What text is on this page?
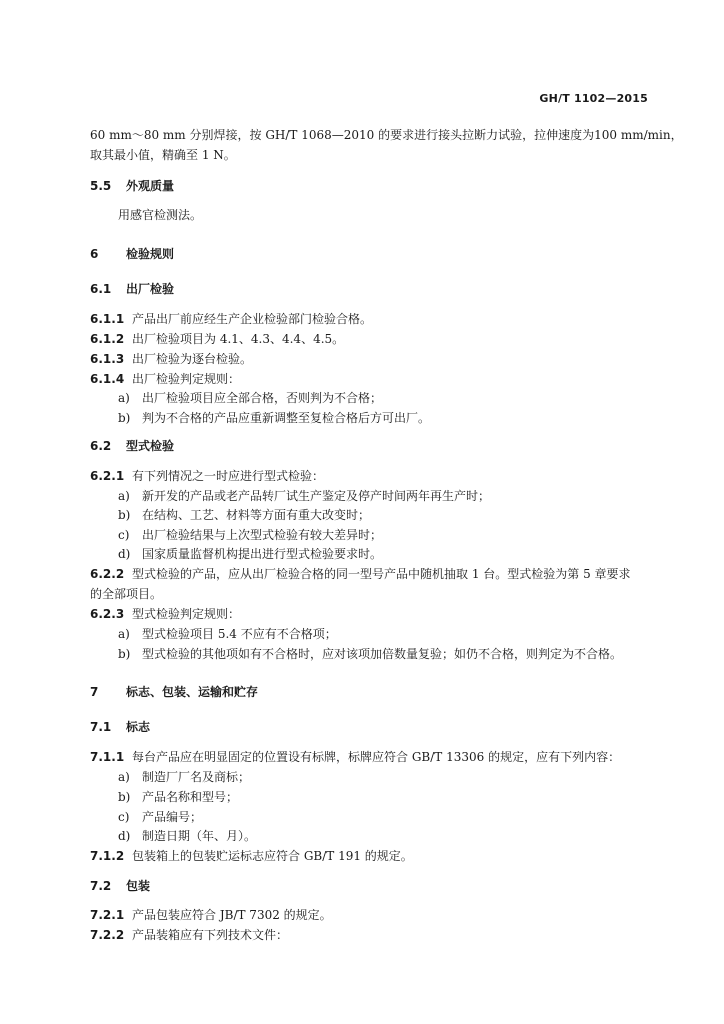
GH/T 1102—2015
60 mm～80 mm 分别焊接，按 GH/T 1068—2010 的要求进行接头拉断力试验，拉伸速度为100 mm/min，
取其最小值，精确至 1 N。
5.5 外观质量
用感官检测法。
6 检验规则
6.1 出厂检验
6.1.1 产品出厂前应经生产企业检验部门检验合格。
6.1.2 出厂检验项目为 4.1、4.3、4.4、4.5。
6.1.3 出厂检验为逐台检验。
6.1.4 出厂检验判定规则：
a) 出厂检验项目应全部合格，否则判为不合格；
b) 判为不合格的产品应重新调整至复检合格后方可出厂。
6.2 型式检验
6.2.1 有下列情况之一时应进行型式检验：
a) 新开发的产品或老产品转厂试生产鉴定及停产时间两年再生产时；
b) 在结构、工艺、材料等方面有重大改变时；
c) 出厂检验结果与上次型式检验有较大差异时；
d) 国家质量监督机构提出进行型式检验要求时。
6.2.2 型式检验的产品，应从出厂检验合格的同一型号产品中随机抽取 1 台。型式检验为第 5 章要求
的全部项目。
6.2.3 型式检验判定规则：
a) 型式检验项目 5.4 不应有不合格项；
b) 型式检验的其他项如有不合格时，应对该项加倍数量复验；如仍不合格，则判定为不合格。
7 标志、包装、运输和贮存
7.1 标志
7.1.1 每台产品应在明显固定的位置设有标牌，标牌应符合 GB/T 13306 的规定，应有下列内容：
a) 制造厂厂名及商标；
b) 产品名称和型号；
c) 产品编号；
d) 制造日期（年、月）。
7.1.2 包装箱上的包装贮运标志应符合 GB/T 191 的规定。
7.2 包装
7.2.1 产品包装应符合 JB/T 7302 的规定。
7.2.2 产品装箱应有下列技术文件：
